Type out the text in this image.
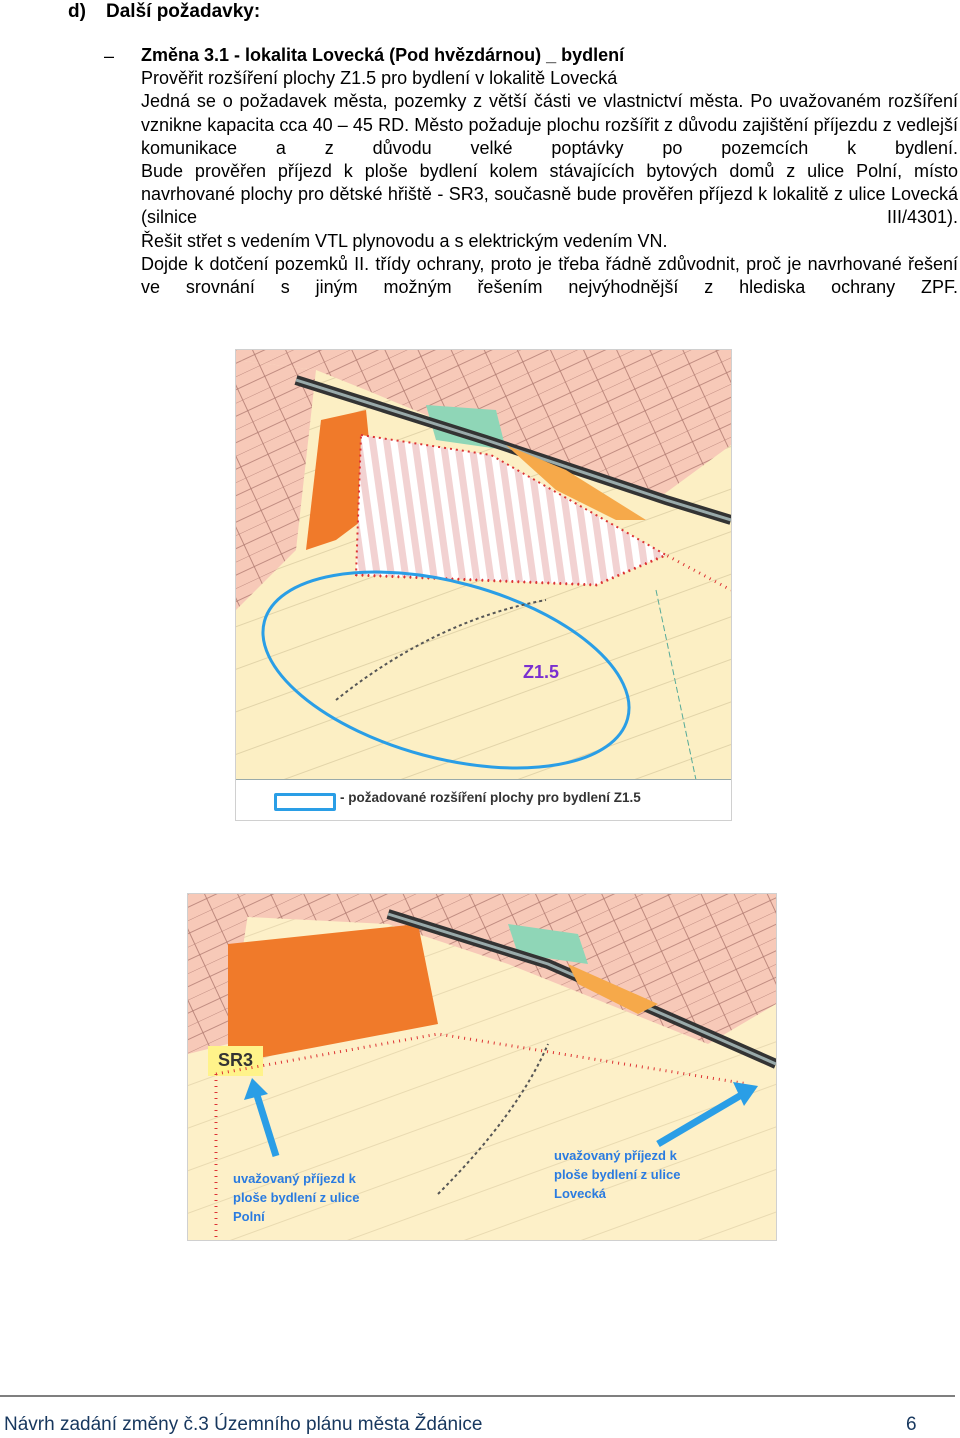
d) Další požadavky:
– Změna 3.1 - lokalita Lovecká (Pod hvězdárnou) _ bydlení

Prověřit rozšíření plochy Z1.5 pro bydlení v lokalitě Lovecká

Jedná se o požadavek města, pozemky z větší části ve vlastnictví města. Po uvažovaném rozšíření vznikne kapacita cca 40 – 45 RD. Město požaduje plochu rozšířit z důvodu zajištění příjezdu z vedlejší komunikace a z důvodu velké poptávky po pozemcích k bydlení.

Bude prověřen příjezd k ploše bydlení kolem stávajících bytových domů z ulice Polní, místo navrhované plochy pro dětské hřiště - SR3, současně bude prověřen příjezd k lokalitě z ulice Lovecká (silnice III/4301).

Řešit střet s vedením VTL plynovodu a s elektrickým vedením VN.

Dojde k dotčení pozemků II. třídy ochrany, proto je třeba řádně zdůvodnit, proč je navrhované řešení ve srovnání s jiným možným řešením nejvýhodnější z hlediska ochrany ZPF.

Z1.5
- požadované rozšíření plochy pro bydlení Z1.5
SR3
uvažovaný příjezd k
ploše bydlení z ulice
Polní
uvažovaný příjezd k
ploše bydlení z ulice
Lovecká
Návrh zadání změny č.3 Územního plánu města Ždánice	6
